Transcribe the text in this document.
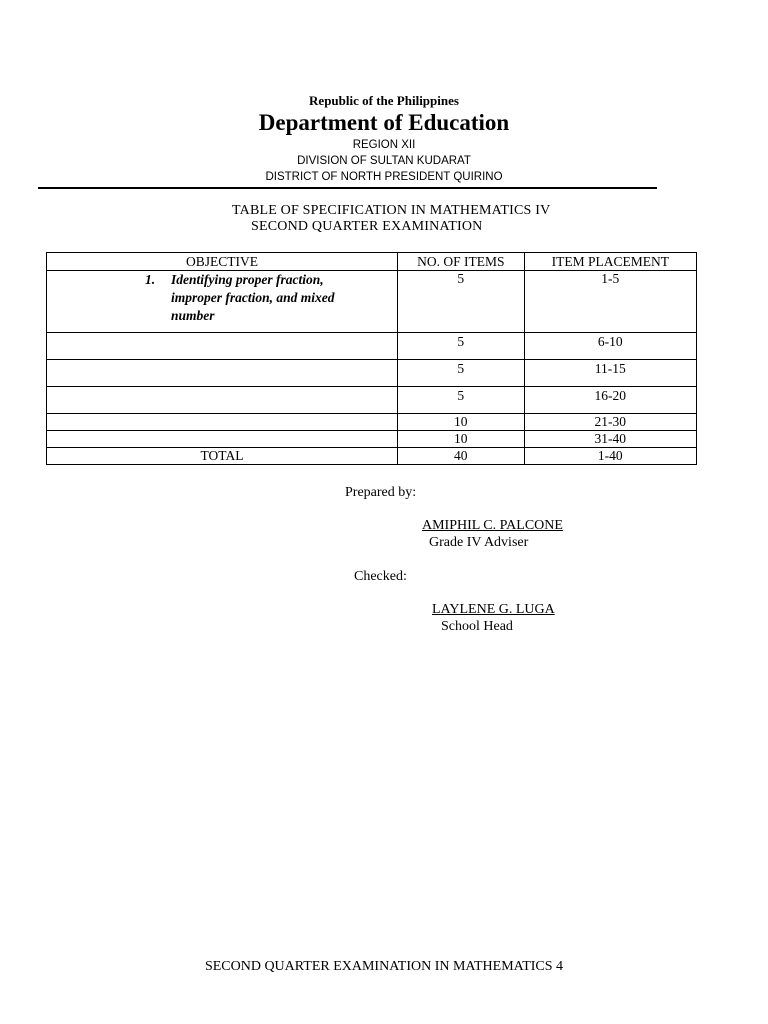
Republic of the Philippines
Department of Education
REGION XII
DIVISION OF SULTAN KUDARAT
DISTRICT OF NORTH PRESIDENT QUIRINO
TABLE OF SPECIFICATION IN MATHEMATICS IV
SECOND QUARTER EXAMINATION
OBJECTIVE	NO. OF ITEMS	ITEM PLACEMENT

1. Identifying proper fraction, improper fraction, and mixed number	5	1-5
	5	6-10
	5	11-15
	5	16-20
	10	21-30
	10	31-40
TOTAL	40	1-40
Prepared by:
AMIPHIL C. PALCONE
Grade IV Adviser
Checked:
LAYLENE G. LUGA
School Head
SECOND QUARTER EXAMINATION IN MATHEMATICS 4
